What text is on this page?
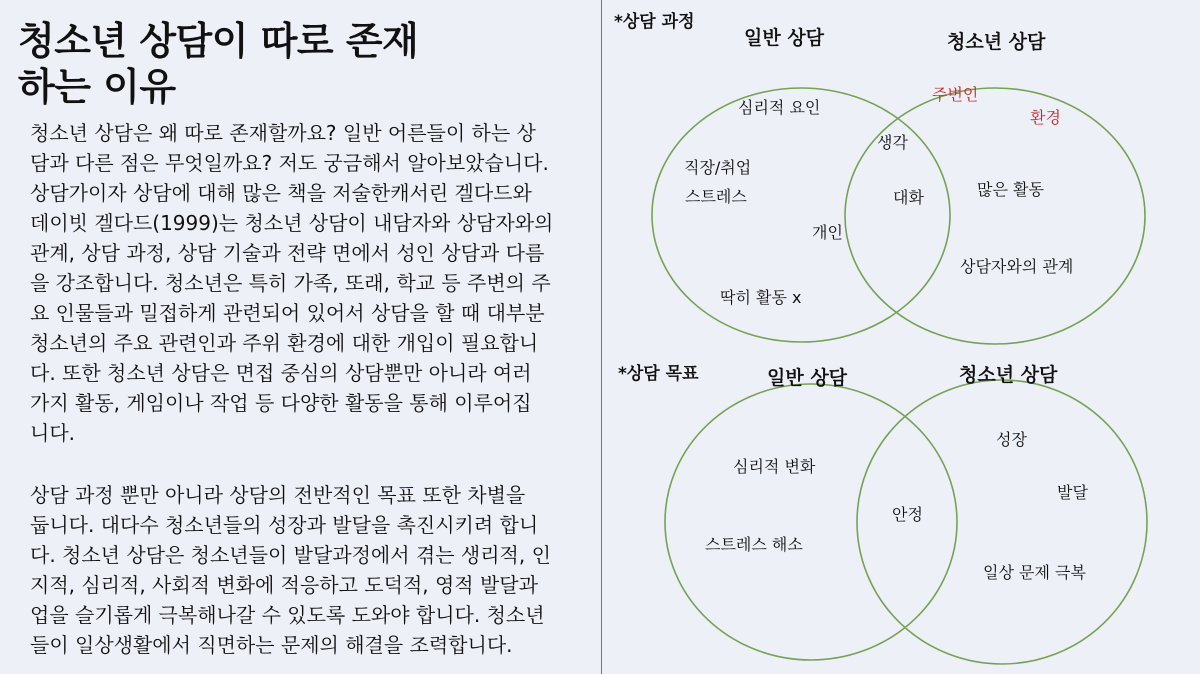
청소년 상담이 따로 존재
하는 이유
청소년 상담은 왜 따로 존재할까요? 일반 어른들이 하는 상
담과 다른 점은 무엇일까요? 저도 궁금해서 알아보았습니다.
상담가이자 상담에 대해 많은 책을 저술한캐서린 겔다드와
데이빗 겔다드(1999)는 청소년 상담이 내담자와 상담자와의
관계, 상담 과정, 상담 기술과 전략 면에서 성인 상담과 다름
을 강조합니다. 청소년은 특히 가족, 또래, 학교 등 주변의 주
요 인물들과 밀접하게 관련되어 있어서 상담을 할 때 대부분
청소년의 주요 관련인과 주위 환경에 대한 개입이 필요합니
다. 또한 청소년 상담은 면접 중심의 상담뿐만 아니라 여러
가지 활동, 게임이나 작업 등 다양한 활동을 통해 이루어집
니다.
상담 과정 뿐만 아니라 상담의 전반적인 목표 또한 차별을
둡니다. 대다수 청소년들의 성장과 발달을 촉진시키려 합니
다. 청소년 상담은 청소년들이 발달과정에서 겪는 생리적, 인
지적, 심리적, 사회적 변화에 적응하고 도덕적, 영적 발달과
업을 슬기롭게 극복해나갈 수 있도록 도와야 합니다. 청소년
들이 일상생활에서 직면하는 문제의 해결을 조력합니다.
*상담 과정
일반 상담	청소년 상담
심리적 요인
직장/취업
스트레스
개인
딱히 활동 x
생각
대화
주변인
환경
많은 활동
상담자와의 관계
*상담 목표	일반 상담	청소년 상담
심리적 변화
스트레스 해소
안정
성장
발달
일상 문제 극복
